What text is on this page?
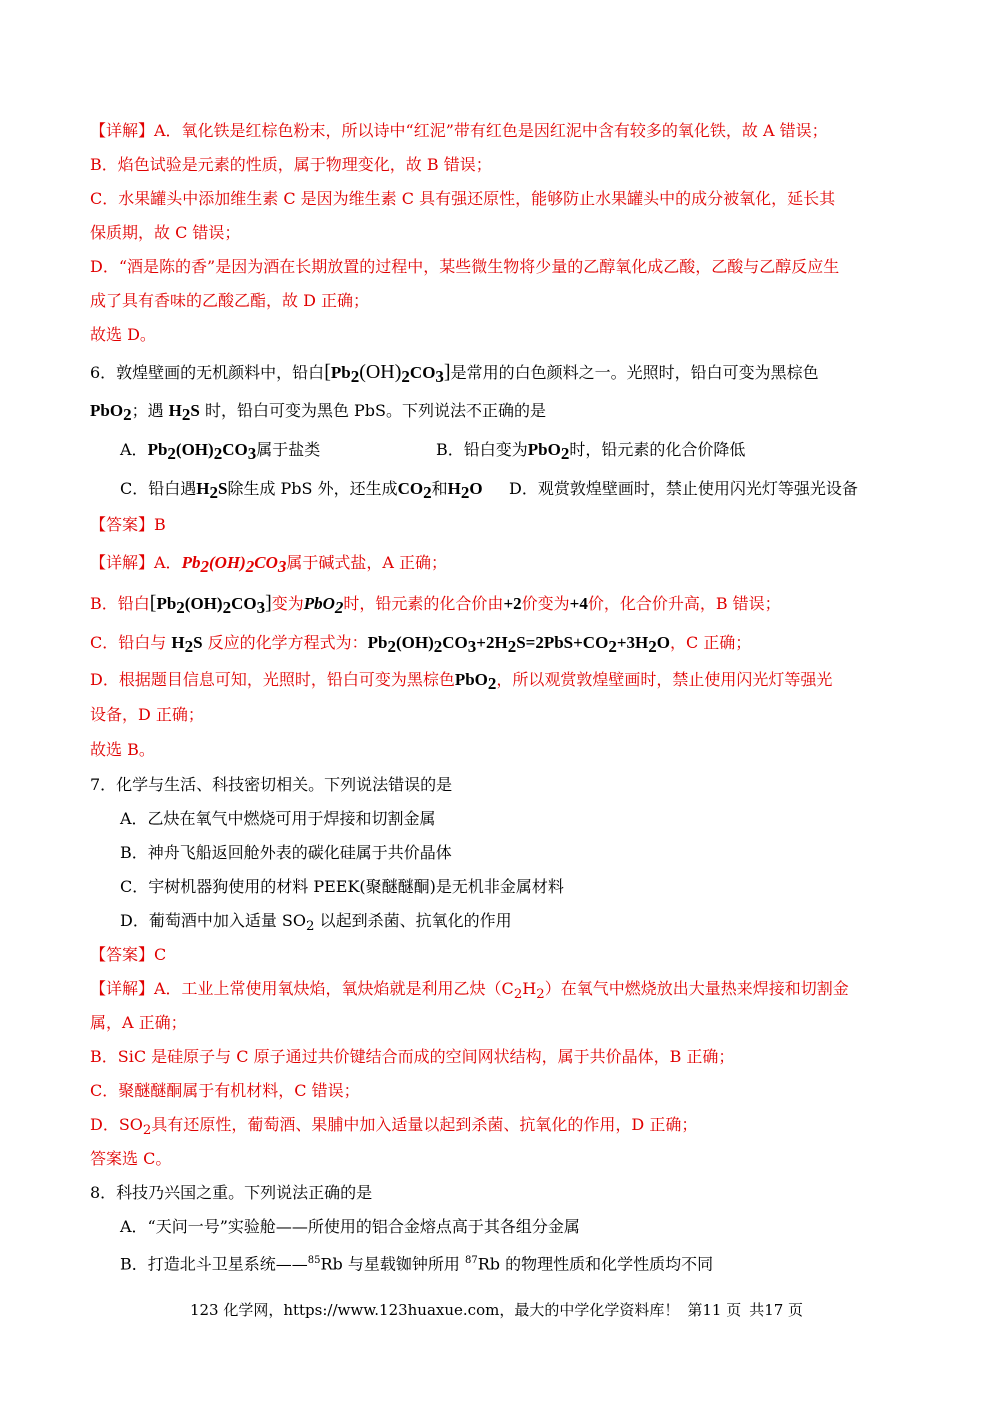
【详解】A．氧化铁是红棕色粉末，所以诗中“红泥”带有红色是因红泥中含有较多的氧化铁，故 A 错误；
B．焰色试验是元素的性质，属于物理变化，故 B 错误；
C．水果罐头中添加维生素 C 是因为维生素 C 具有强还原性，能够防止水果罐头中的成分被氧化，延长其
保质期，故 C 错误；
D．“酒是陈的香”是因为酒在长期放置的过程中，某些微生物将少量的乙醇氧化成乙酸，乙酸与乙醇反应生
成了具有香味的乙酸乙酯，故 D 正确；
故选 D。
6．敦煌壁画的无机颜料中，铅白$[Pb_2(OH)_2CO_3]$是常用的白色颜料之一。光照时，铅白可变为黑棕色
PbO$_2$；遇 $H_2S$ 时，铅白可变为黑色 PbS。下列说法不正确的是
A．$Pb_2(OH)_2CO_3$属于盐类	B．铅白变为PbO$_2$时，铅元素的化合价降低
C．铅白遇$H_2S$除生成 PbS 外，还生成$CO_2$和$H_2O$ D．观赏敦煌壁画时，禁止使用闪光灯等强光设备
【答案】B
【详解】A．$Pb_2(OH)_2CO_3$属于碱式盐，A 正确；
B．铅白$[Pb_2(OH)_2CO_3]$变为PbO$_2$时，铅元素的化合价由+2价变为+4价，化合价升高，B 错误；
C．铅白与 $H_2S$ 反应的化学方程式为：$Pb_2(OH)_2CO_3+2H_2S=2PbS+CO_2+3H_2O$，C 正确；
D．根据题目信息可知，光照时，铅白可变为黑棕色PbO$_2$，所以观赏敦煌壁画时，禁止使用闪光灯等强光
设备，D 正确；
故选 B。
7．化学与生活、科技密切相关。下列说法错误的是
A．乙炔在氧气中燃烧可用于焊接和切割金属
B．神舟飞船返回舱外表的碳化硅属于共价晶体
C．宇树机器狗使用的材料 PEEK(聚醚醚酮)是无机非金属材料
D．葡萄酒中加入适量 $SO_2$ 以起到杀菌、抗氧化的作用
【答案】C
【详解】A．工业上常使用氧炔焰，氧炔焰就是利用乙炔$(C_2H_2)$在氧气中燃烧放出大量热来焊接和切割金
属，A 正确；
B．SiC 是硅原子与 C 原子通过共价键结合而成的空间网状结构，属于共价晶体，B 正确；
C．聚醚醚酮属于有机材料，C 错误；
D．$SO_2$具有还原性，葡萄酒、果脯中加入适量以起到杀菌、抗氧化的作用，D 正确；
答案选 C。
8．科技乃兴国之重。下列说法正确的是
A．“天问一号”实验舱——所使用的铝合金熔点高于其各组分金属
B．打造北斗卫星系统——$^{85}$Rb 与星载铷钟所用 $^{87}$Rb 的物理性质和化学性质均不同
123 化学网，https://www.123huaxue.com，最大的中学化学资料库！ 第11 页 共17 页
